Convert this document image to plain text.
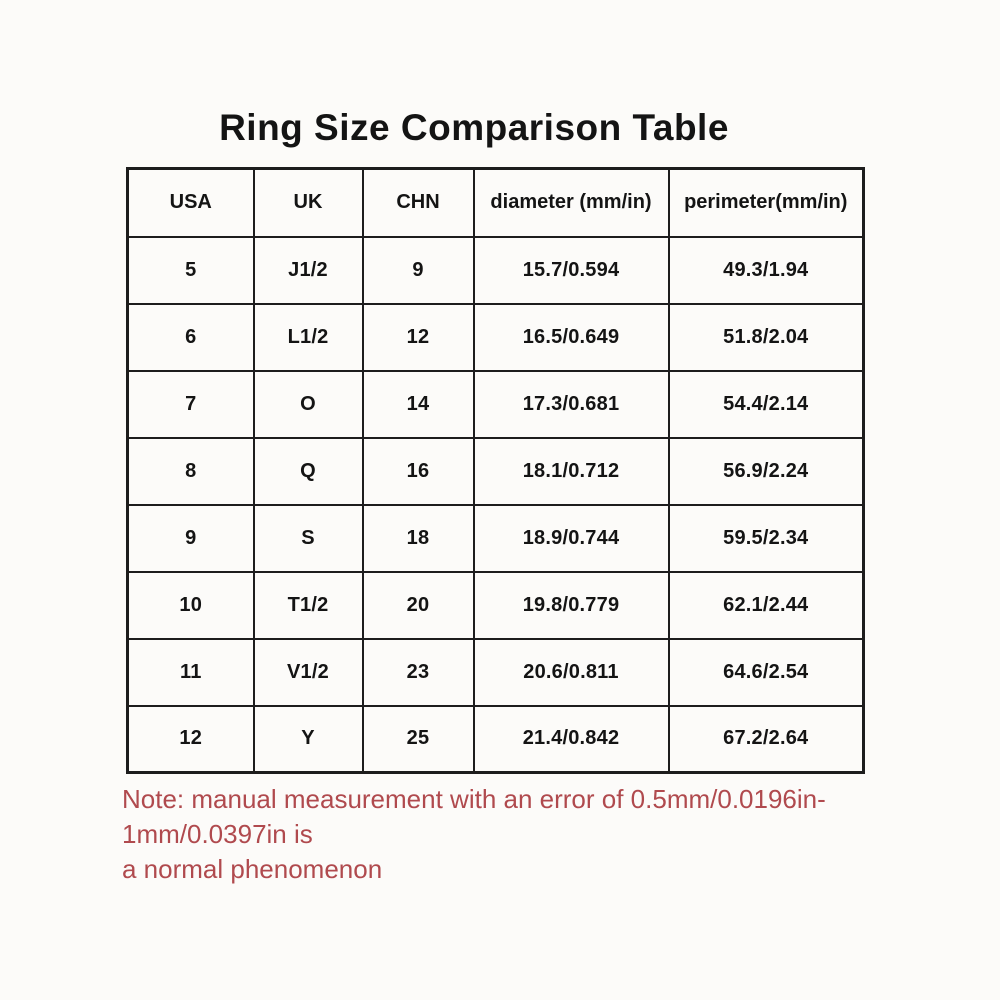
Ring Size Comparison Table
USA	UK	CHN	diameter (mm/in)	perimeter(mm/in)
5	J1/2	9	15.7/0.594	49.3/1.94
6	L1/2	12	16.5/0.649	51.8/2.04
7	O	14	17.3/0.681	54.4/2.14
8	Q	16	18.1/0.712	56.9/2.24
9	S	18	18.9/0.744	59.5/2.34
10	T1/2	20	19.8/0.779	62.1/2.44
11	V1/2	23	20.6/0.811	64.6/2.54
12	Y	25	21.4/0.842	67.2/2.64
Note: manual measurement with an error of 0.5mm/0.0196in-1mm/0.0397in is
a normal phenomenon
